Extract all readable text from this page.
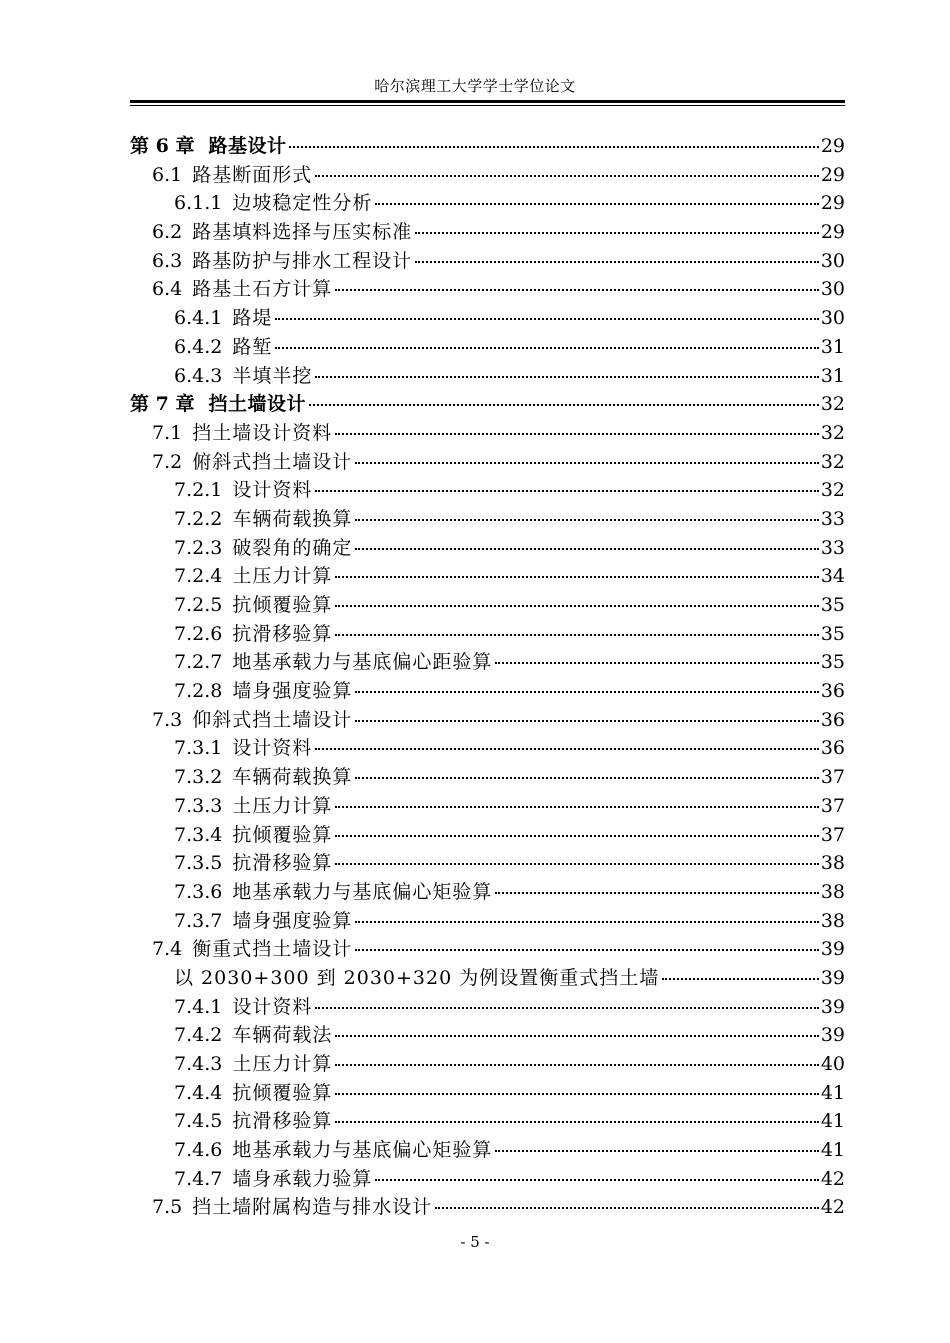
哈尔滨理工大学学士学位论文
第 6 章 路基设计	29
6.1 路基断面形式	29
6.1.1 边坡稳定性分析	29
6.2 路基填料选择与压实标准	29
6.3 路基防护与排水工程设计	30
6.4 路基土石方计算	30
6.4.1 路堤	30
6.4.2 路堑	31
6.4.3 半填半挖	31
第 7 章 挡土墙设计	32
7.1 挡土墙设计资料	32
7.2 俯斜式挡土墙设计	32
7.2.1 设计资料	32
7.2.2 车辆荷载换算	33
7.2.3 破裂角的确定	33
7.2.4 土压力计算	34
7.2.5 抗倾覆验算	35
7.2.6 抗滑移验算	35
7.2.7 地基承载力与基底偏心距验算	35
7.2.8 墙身强度验算	36
7.3 仰斜式挡土墙设计	36
7.3.1 设计资料	36
7.3.2 车辆荷载换算	37
7.3.3 土压力计算	37
7.3.4 抗倾覆验算	37
7.3.5 抗滑移验算	38
7.3.6 地基承载力与基底偏心矩验算	38
7.3.7 墙身强度验算	38
7.4 衡重式挡土墙设计	39
以 2030+300 到 2030+320 为例设置衡重式挡土墙	39
7.4.1 设计资料	39
7.4.2 车辆荷载法	39
7.4.3 土压力计算	40
7.4.4 抗倾覆验算	41
7.4.5 抗滑移验算	41
7.4.6 地基承载力与基底偏心矩验算	41
7.4.7 墙身承载力验算	42
7.5 挡土墙附属构造与排水设计	42
- 5 -
